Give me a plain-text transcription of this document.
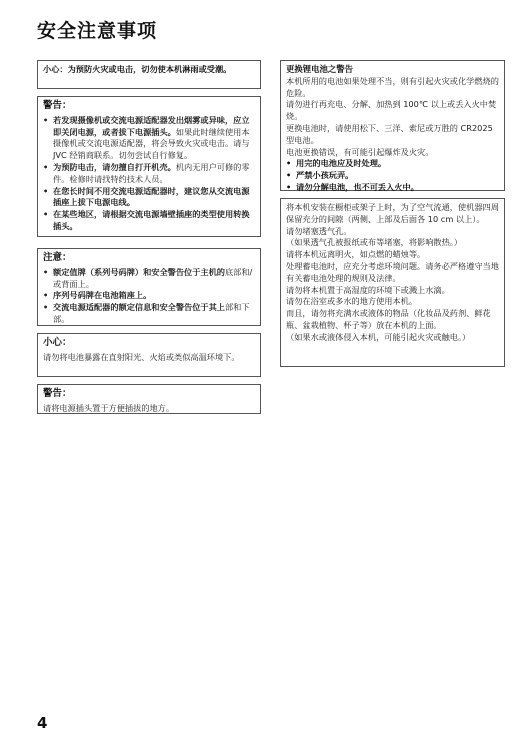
安全注意事项

小心：为预防火灾或电击，切勿使本机淋雨或受潮。

警告：
• 若发现摄像机或交流电源适配器发出烟雾或异味，应立即关闭电源，或者拔下电源插头。如果此时继续使用本摄像机或交流电源适配器，将会导致火灾或电击。请与 JVC 经销商联系。切勿尝试自行修复。
• 为预防电击，请勿擅自打开机壳。机内无用户可修的零件。检修时请找特约技术人员。
• 在您长时间不用交流电源适配器时，建议您从交流电源插座上拔下电源电线。
• 在某些地区，请根据交流电源墙壁插座的类型使用转换插头。
注意：
• 额定值牌（系列号码牌）和安全警告位于主机的底部和/或背面上。
• 序列号码牌在电池箱座上。
• 交流电源适配器的额定信息和安全警告位于其上部和下部。
小心：

请勿将电池暴露在直射阳光、火焰或类似高温环境下。

警告：

请将电源插头置于方便插拔的地方。

更换锂电池之警告

本机所用的电池如果处理不当，则有引起火灾或化学燃烧的危险。

请勿进行再充电、分解、加热到 100℃ 以上或丢入火中焚烧。

更换电池时，请使用松下、三洋、索尼或万胜的 CR2025 型电池。

电池更换错误，有可能引起爆炸及火灾。

• 用完的电池应及时处理。
• 严禁小孩玩弄。
• 请勿分解电池，也不可丢入火中。

将本机安装在橱柜或架子上时，为了空气流通，使机器四周保留充分的间隙（两侧、上部及后面各 10 cm 以上）。

请勿堵塞透气孔。

（如果透气孔被报纸或布等堵塞，将影响散热。）

请将本机远离明火，如点燃的蜡烛等。

处理蓄电池时，应充分考虑环境问题。请务必严格遵守当地有关蓄电池处理的规则及法律。

请勿将本机置于高湿度的环境下或溅上水滴。

请勿在浴室或多水的地方使用本机。

而且，请勿将充满水或液体的物品（化妆品及药剂、鲜花瓶、盆栽植物、杯子等）放在本机的上面。

（如果水或液体侵入本机，可能引起火灾或触电。）

4
